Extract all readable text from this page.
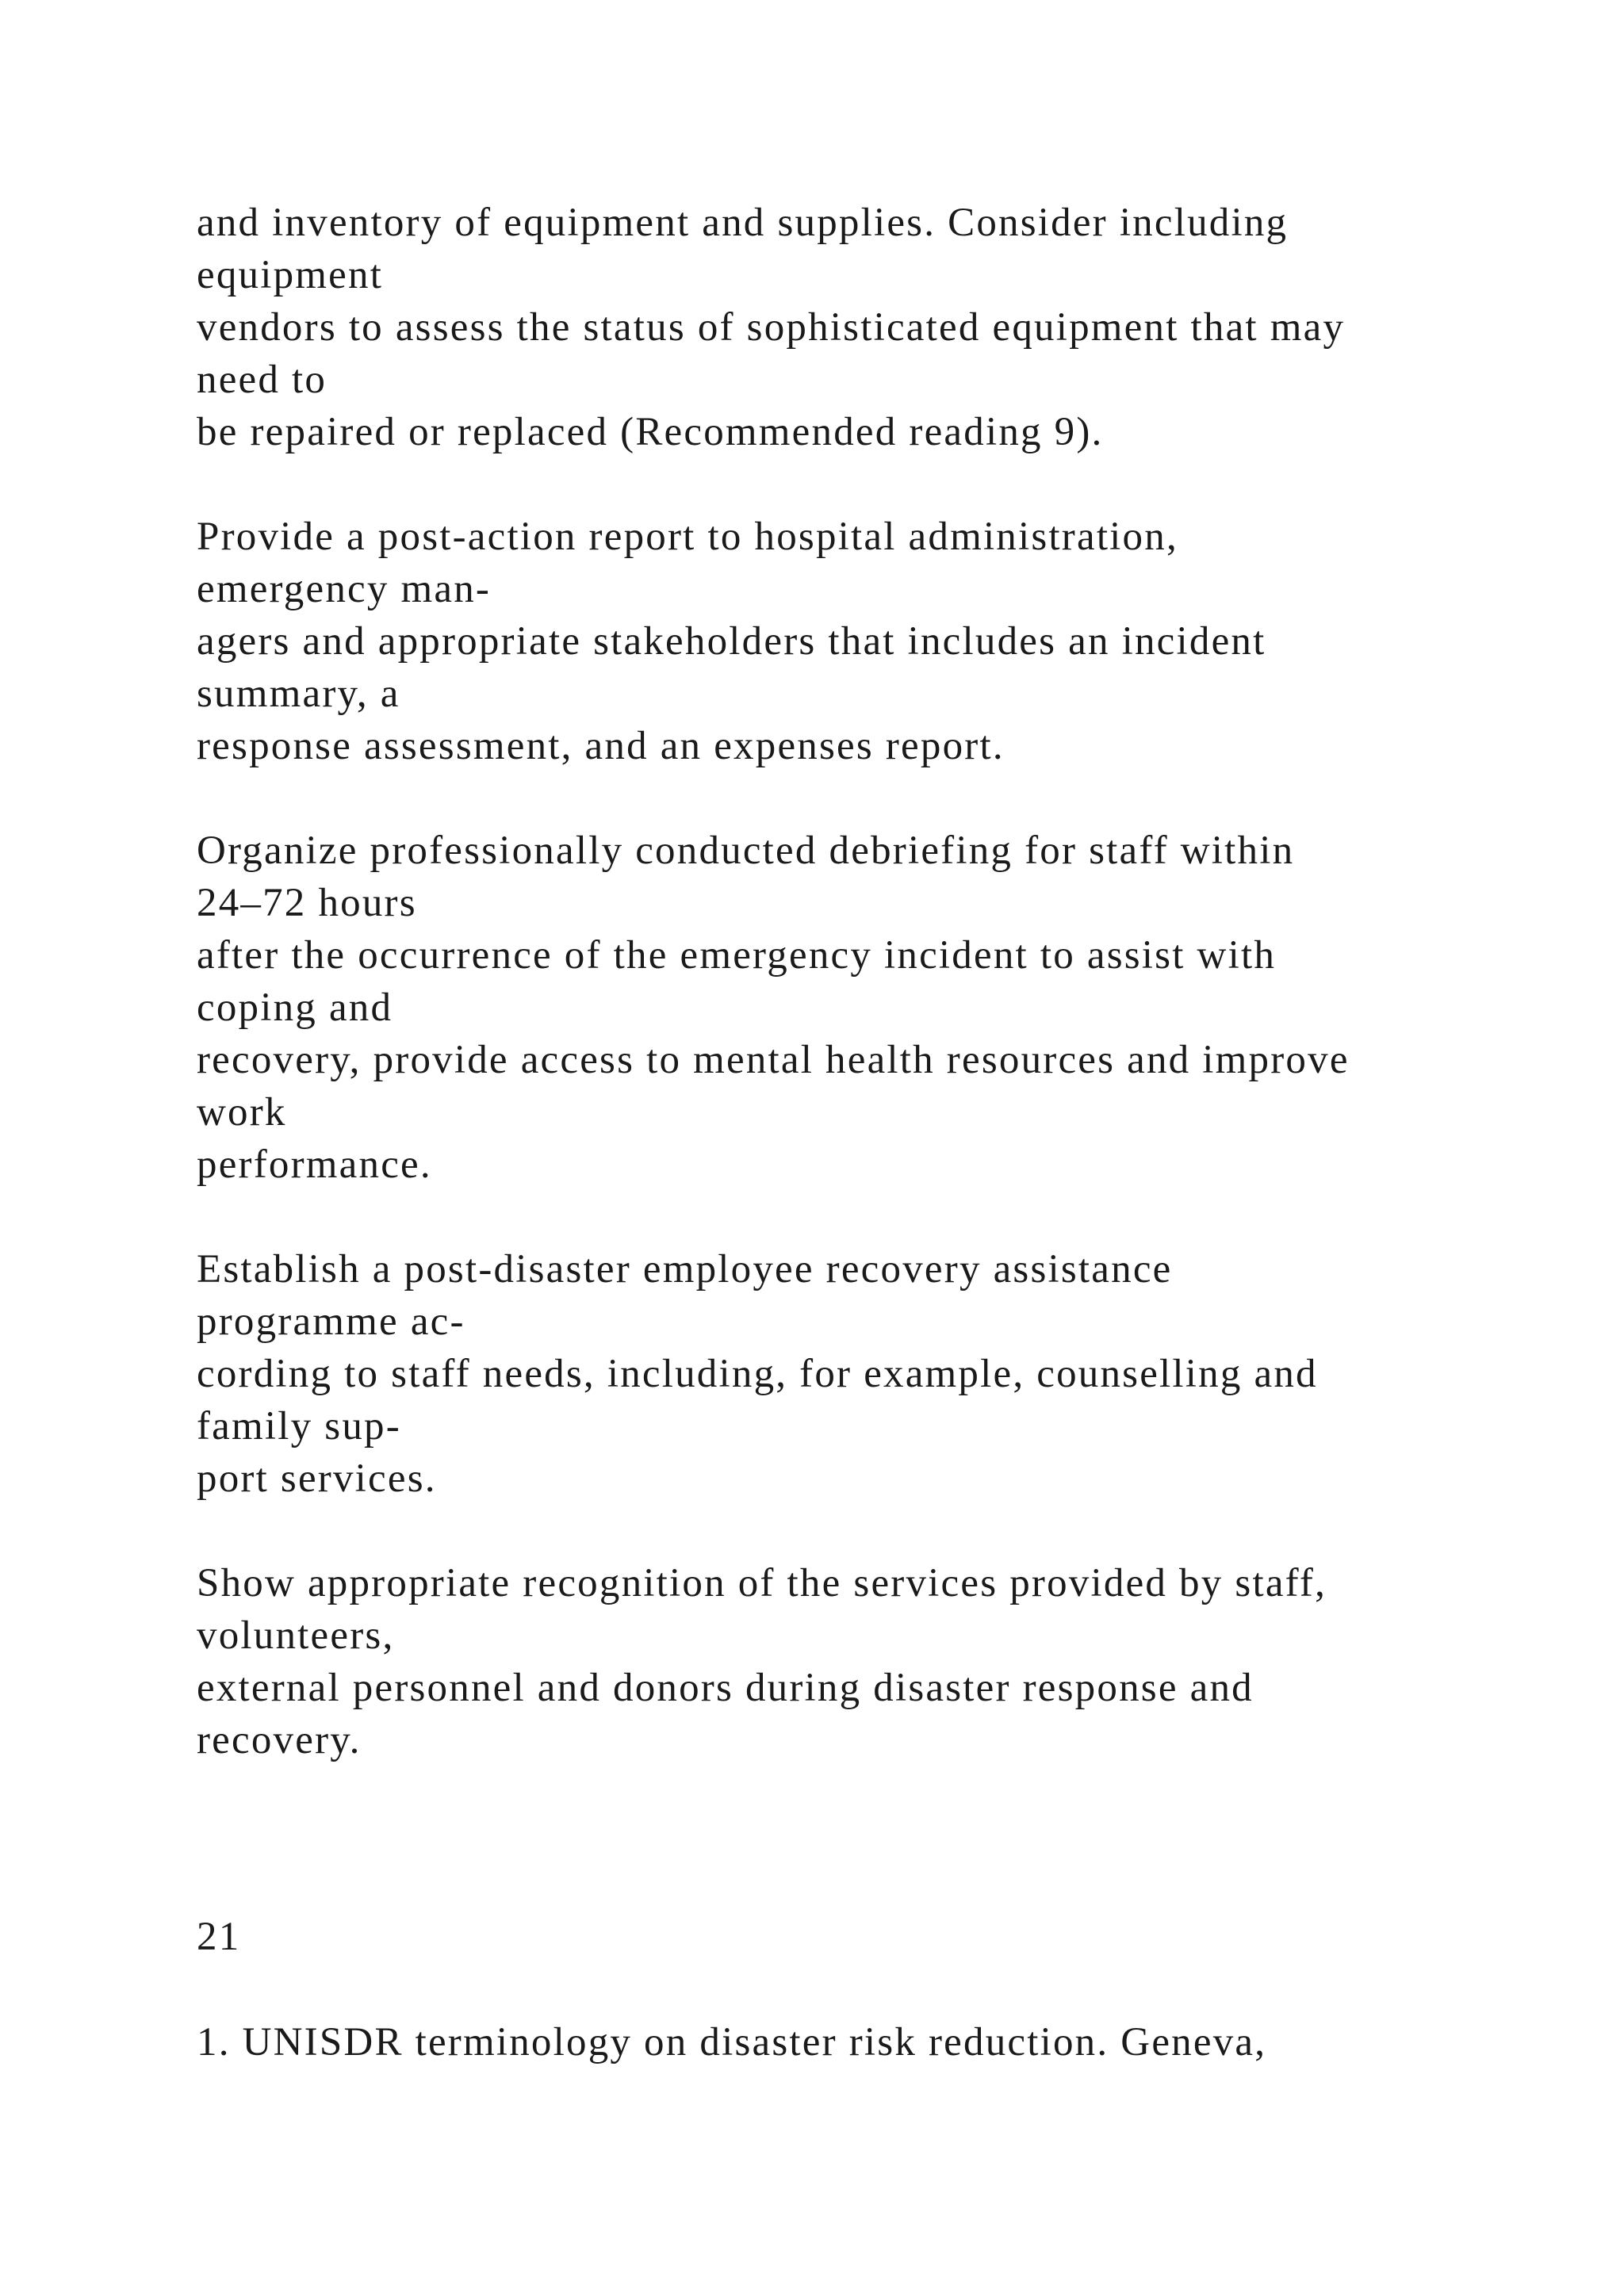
and inventory of equipment and supplies. Consider including
equipment
vendors to assess the status of sophisticated equipment that may
need to
be repaired or replaced (Recommended reading 9).
Provide a post-action report to hospital administration,
emergency man-
agers and appropriate stakeholders that includes an incident
summary, a
response assessment, and an expenses report.
Organize professionally conducted debriefing for staff within
24–72 hours
after the occurrence of the emergency incident to assist with
coping and
recovery, provide access to mental health resources and improve
work
performance.
Establish a post-disaster employee recovery assistance
programme ac-
cording to staff needs, including, for example, counselling and
family sup-
port services.
Show appropriate recognition of the services provided by staff,
volunteers,
external personnel and donors during disaster response and
recovery.
21
1. UNISDR terminology on disaster risk reduction. Geneva,
